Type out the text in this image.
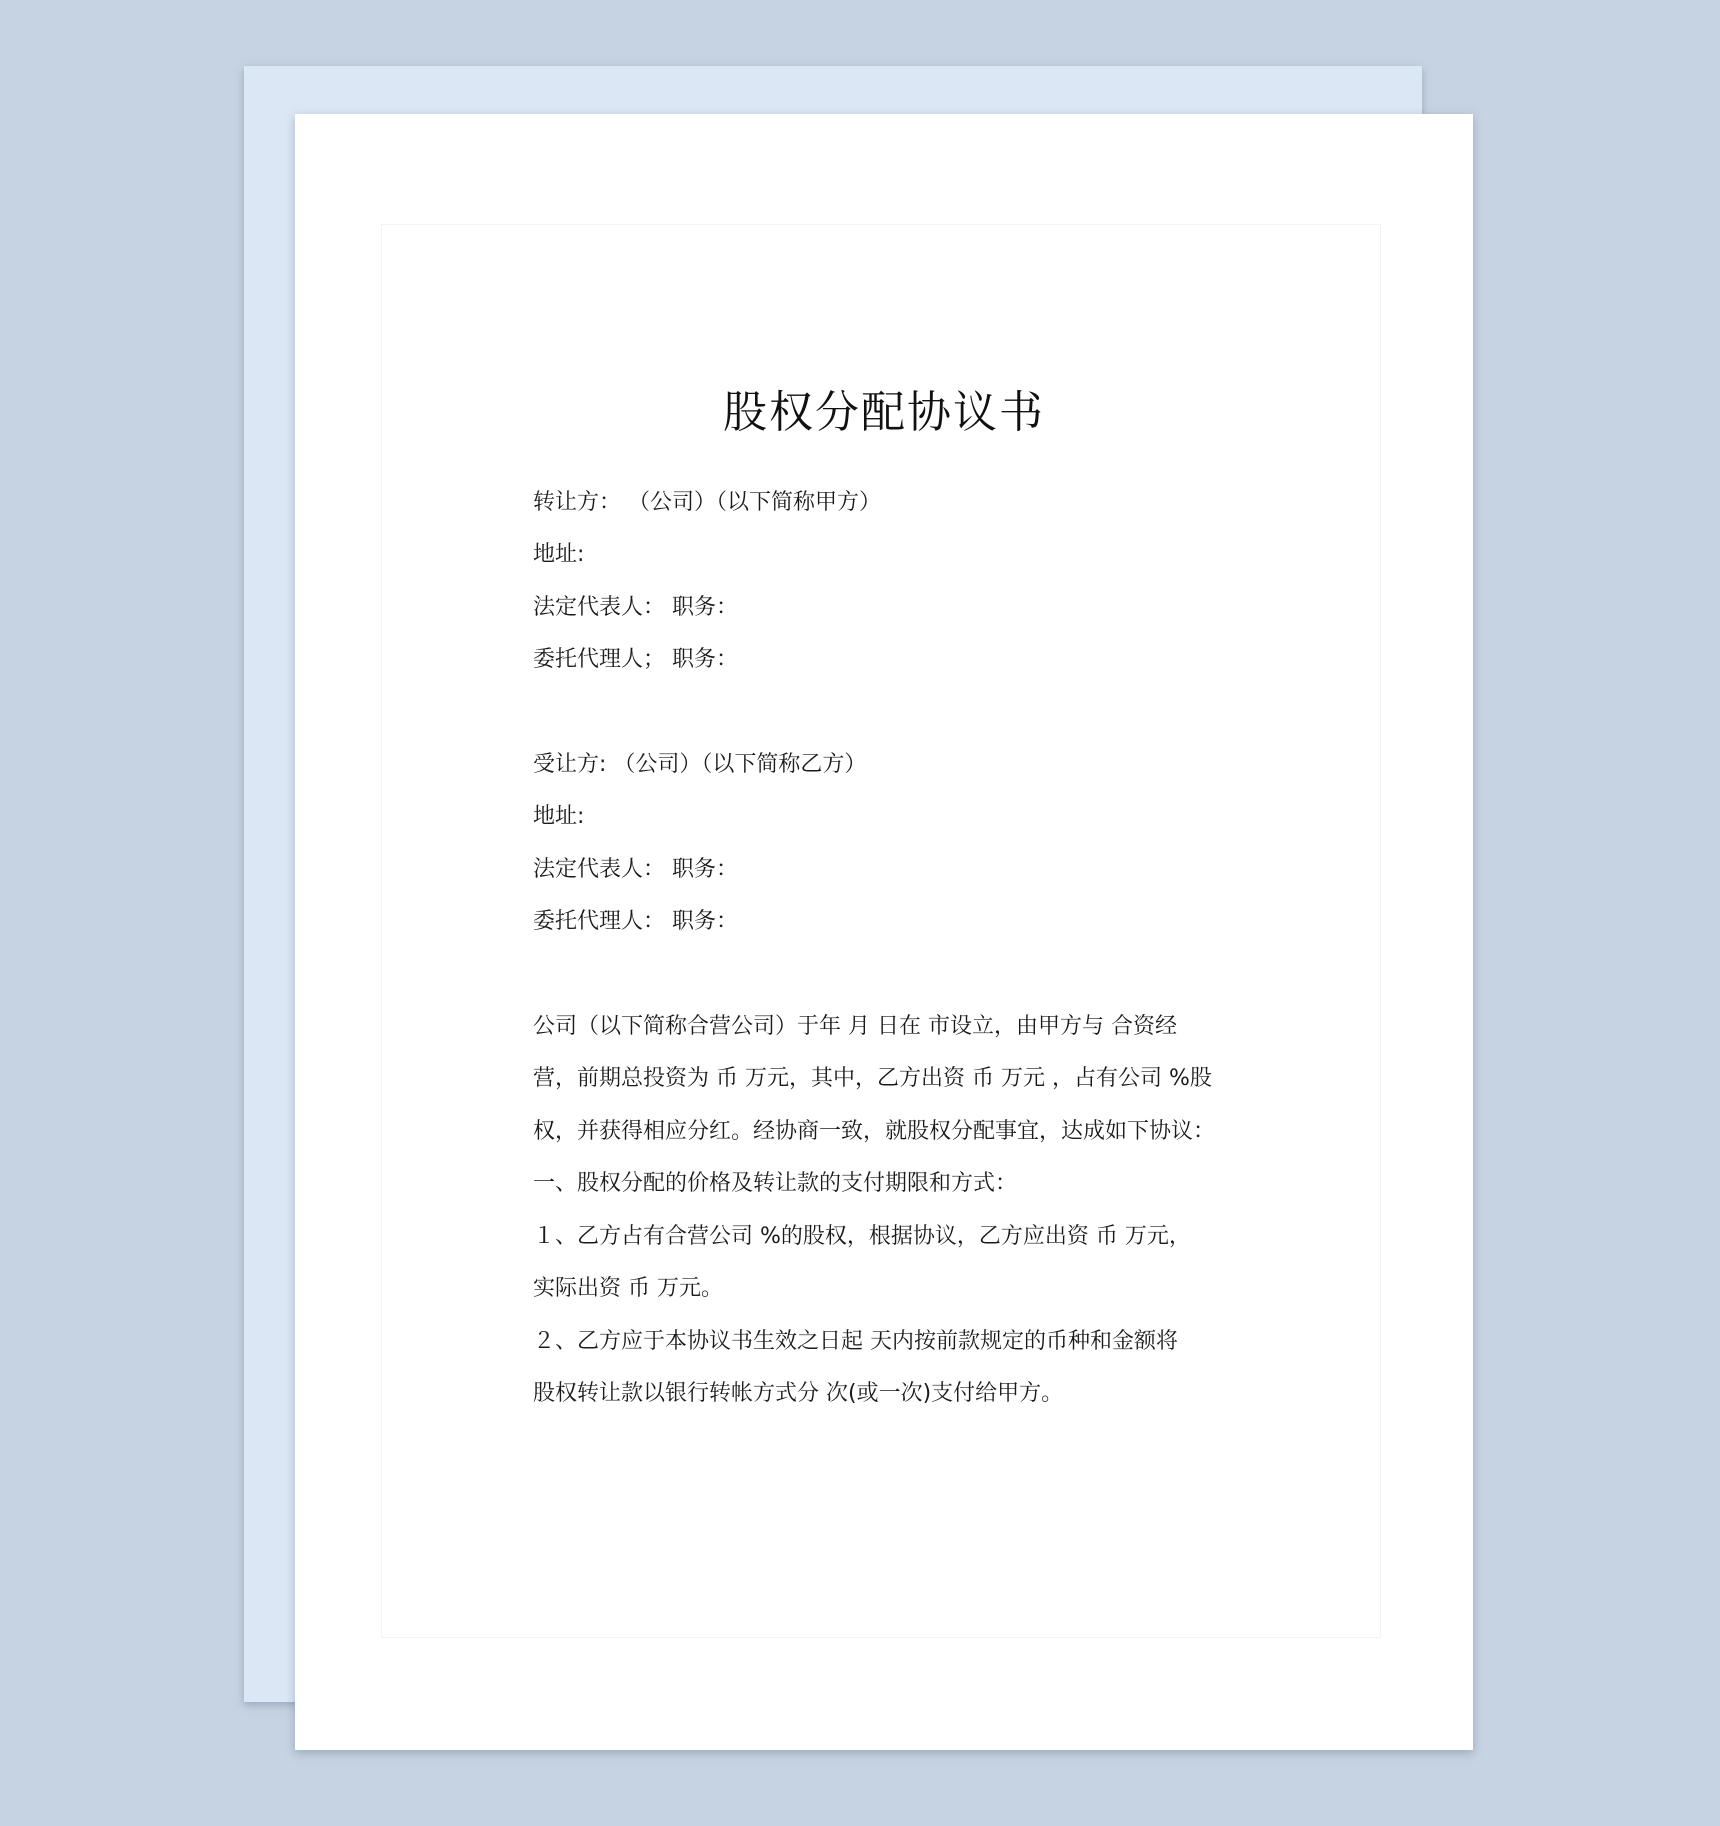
股权分配协议书
转让方： （公司）（以下简称甲方）
地址:
法定代表人： 职务：
委托代理人； 职务：
受让方: （公司）（以下简称乙方）
地址:
法定代表人： 职务：
委托代理人： 职务：
公司（以下简称合营公司）于年 月 日在 市设立，由甲方与 合资经
营，前期总投资为 币 万元，其中，乙方出资 币 万元 ，占有公司 %股
权，并获得相应分红。经协商一致，就股权分配事宜，达成如下协议：
一、股权分配的价格及转让款的支付期限和方式：
１、乙方占有合营公司 %的股权，根据协议，乙方应出资 币 万元，
实际出资 币 万元。
２、乙方应于本协议书生效之日起 天内按前款规定的币种和金额将
股权转让款以银行转帐方式分 次(或一次)支付给甲方。
